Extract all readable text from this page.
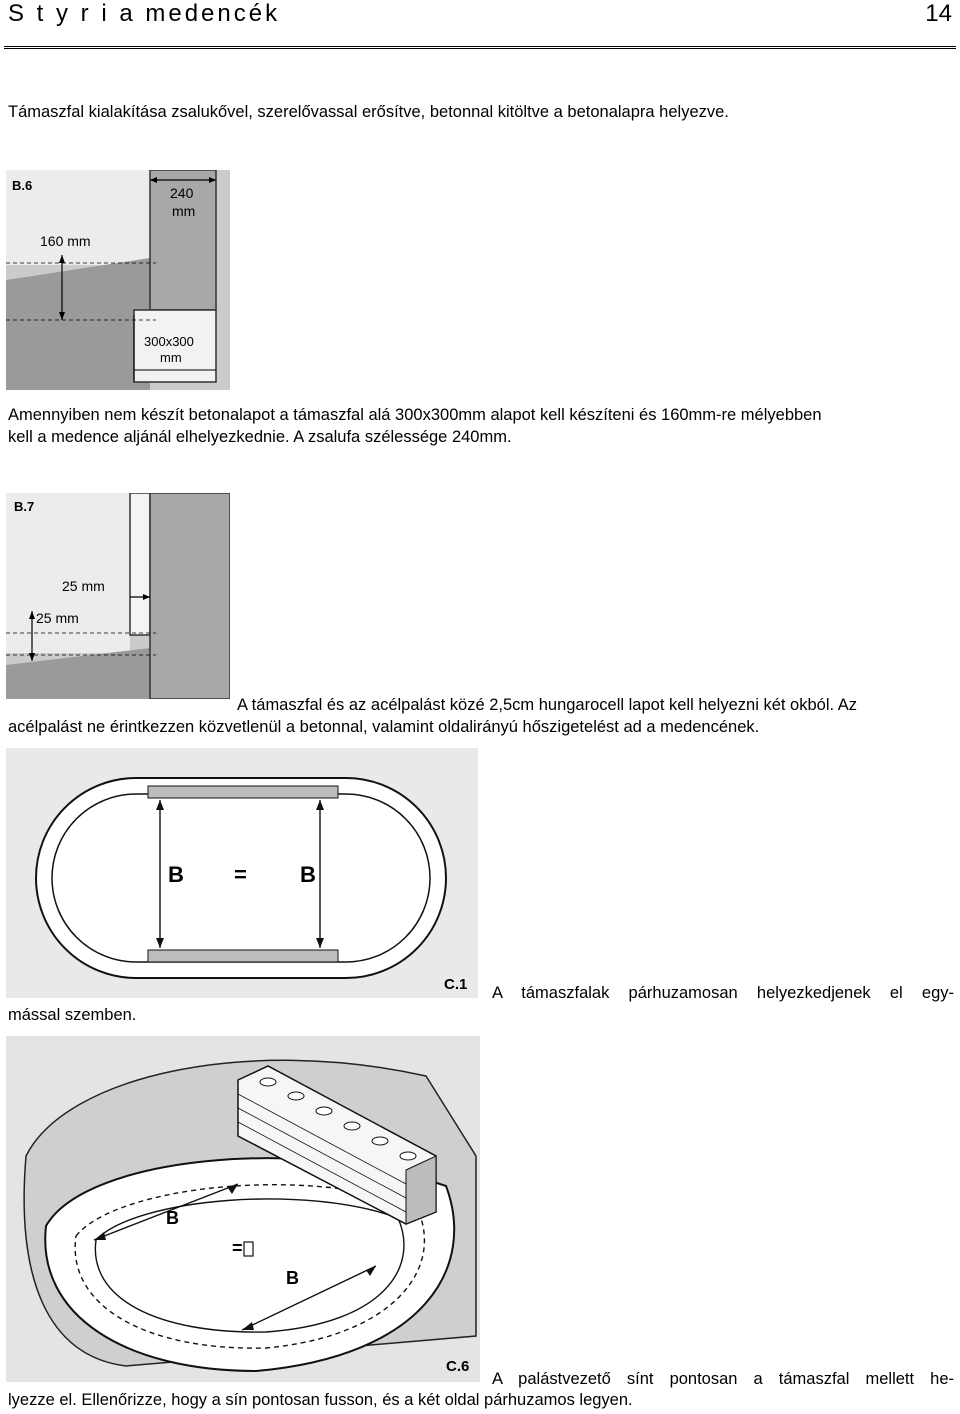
S t y r i a medencék	14
Támaszfal kialakítása zsalukővel, szerelővassal erősítve, betonnal kitöltve a betonalapra helyezve.
B.6	240
mm
160 mm
300x300
mm
Amennyiben nem készít betonalapot a támaszfal alá 300x300mm alapot kell készíteni és 160mm-re mélyebben
kell a medence aljánál elhelyezkednie. A zsalufa szélessége 240mm.
B.7
25 mm
25 mm
A támaszfal és az acélpalást közé 2,5cm hungarocell lapot kell helyezni két okból. Az
acélpalást ne érintkezzen közvetlenül a betonnal, valamint oldalirányú hőszigetelést ad a medencének.
B = B
C.1 A támaszfalak párhuzamosan helyezkedjenek el egy-
mással szemben.
B
=
B
C.6
A palástvezető sínt pontosan a támaszfal mellett he-
lyezze el. Ellenőrizze, hogy a sín pontosan fusson, és a két oldal párhuzamos legyen.
